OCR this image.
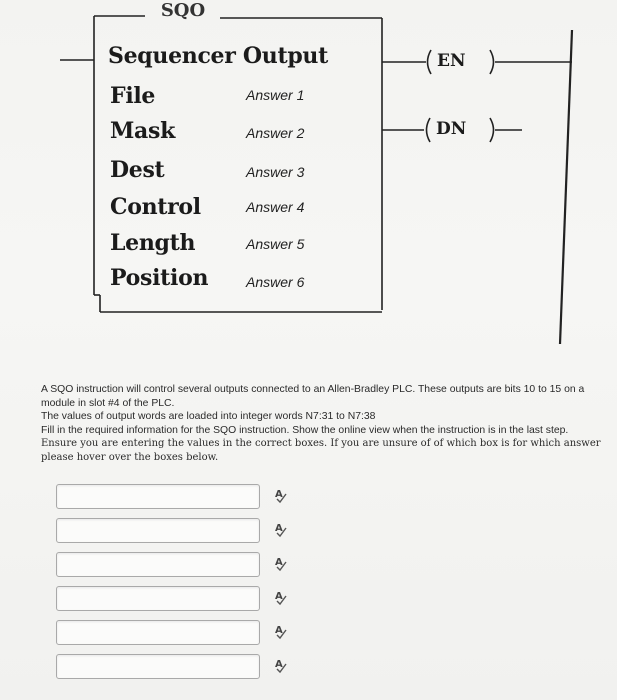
SQO
Sequencer Output
File	Answer 1
Mask	Answer 2
Dest	Answer 3
Control	Answer 4
Length	Answer 5
Position	Answer 6
EN
DN

A SQO instruction will control several outputs connected to an Allen-Bradley PLC. These outputs are bits 10 to 15 on a module in slot #4 of the PLC.

The values of output words are loaded into integer words N7:31 to N7:38

Fill in the required information for the SQO instruction. Show the online view when the instruction is in the last step.

Ensure you are entering the values in the correct boxes. If you are unsure of of which box is for which answer please hover over the boxes below.

A
A
A
A
A
A
